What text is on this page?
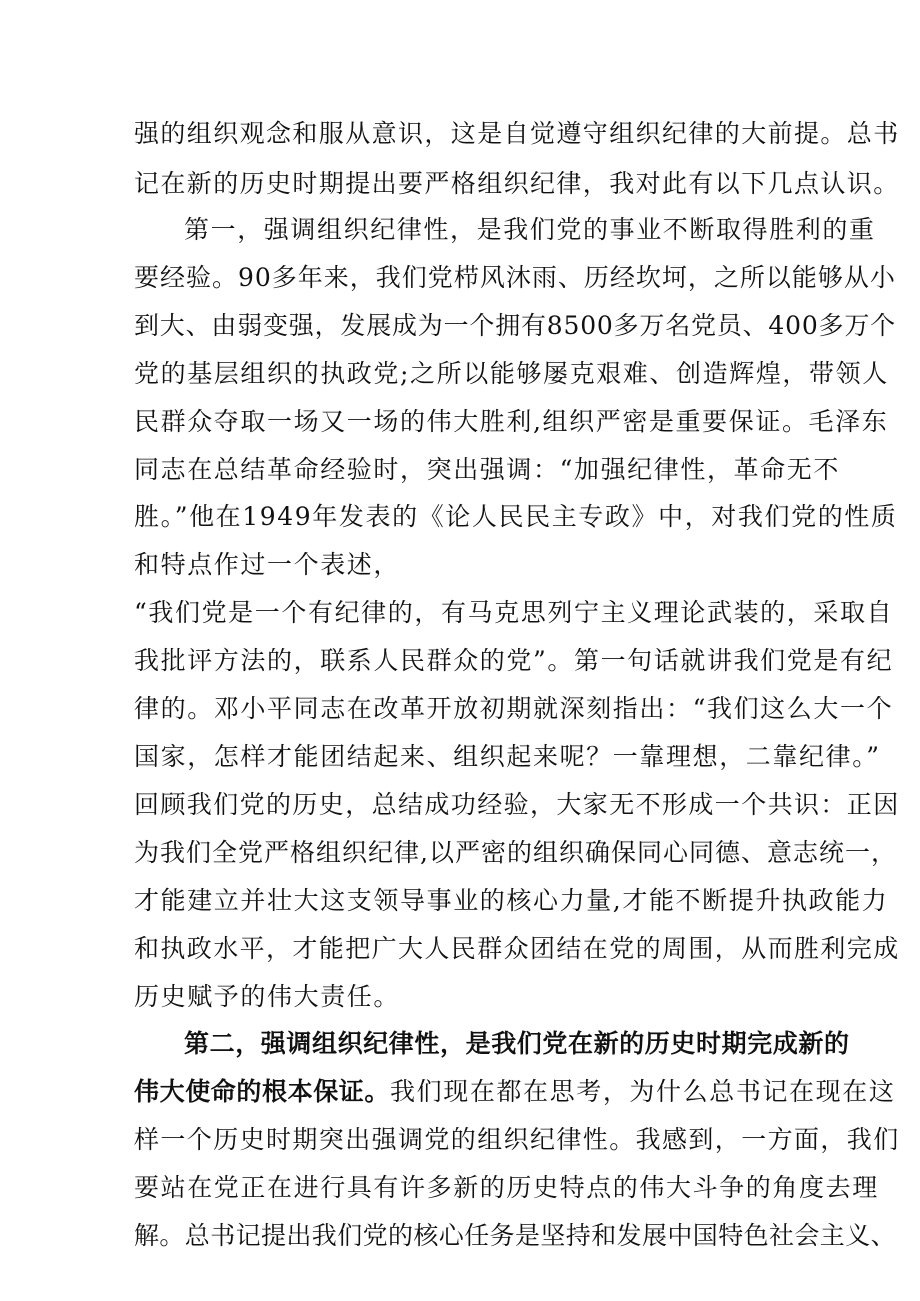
强的组织观念和服从意识，这是自觉遵守组织纪律的大前提。总书
记在新的历史时期提出要严格组织纪律，我对此有以下几点认识。
第一，强调组织纪律性，是我们党的事业不断取得胜利的重
要经验。90多年来，我们党栉风沐雨、历经坎坷，之所以能够从小
到大、由弱变强，发展成为一个拥有8500多万名党员、400多万个
党的基层组织的执政党;之所以能够屡克艰难、创造辉煌，带领人
民群众夺取一场又一场的伟大胜利,组织严密是重要保证。毛泽东
同志在总结革命经验时，突出强调：“加强纪律性，革命无不
胜。”他在1949年发表的《论人民民主专政》中，对我们党的性质
和特点作过一个表述，
“我们党是一个有纪律的，有马克思列宁主义理论武装的，采取自
我批评方法的，联系人民群众的党”。第一句话就讲我们党是有纪
律的。邓小平同志在改革开放初期就深刻指出：“我们这么大一个
国家，怎样才能团结起来、组织起来呢？一靠理想，二靠纪律。”
回顾我们党的历史，总结成功经验，大家无不形成一个共识：正因
为我们全党严格组织纪律,以严密的组织确保同心同德、意志统一，
才能建立并壮大这支领导事业的核心力量,才能不断提升执政能力
和执政水平，才能把广大人民群众团结在党的周围，从而胜利完成
历史赋予的伟大责任。
第二，强调组织纪律性，是我们党在新的历史时期完成新的
伟大使命的根本保证。我们现在都在思考，为什么总书记在现在这
样一个历史时期突出强调党的组织纪律性。我感到，一方面，我们
要站在党正在进行具有许多新的历史特点的伟大斗争的角度去理
解。总书记提出我们党的核心任务是坚持和发展中国特色社会主义、
